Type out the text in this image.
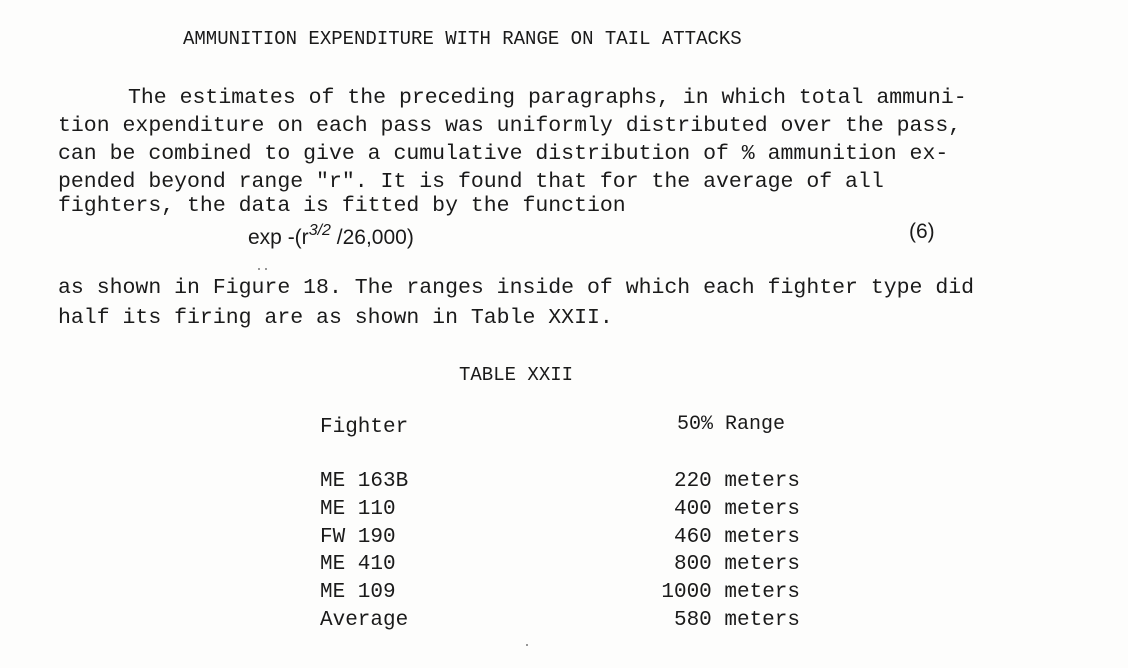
AMMUNITION EXPENDITURE WITH RANGE ON TAIL ATTACKS
The estimates of the preceding paragraphs, in which total ammuni-
tion expenditure on each pass was uniformly distributed over the pass,
can be combined to give a cumulative distribution of % ammunition ex-
pended beyond range "r". It is found that for the average of all
fighters, the data is fitted by the function
$\exp -(r^{3/2}$ /26,000)	(6)
as shown in Figure 18. The ranges inside of which each fighter type did
half its firing are as shown in Table XXII.
TABLE XXII
Fighter	50% Range
ME 163B	220 meters
ME 110	400 meters
FW 190	460 meters
ME 410	800 meters
ME 109	1000 meters
Average	580 meters
